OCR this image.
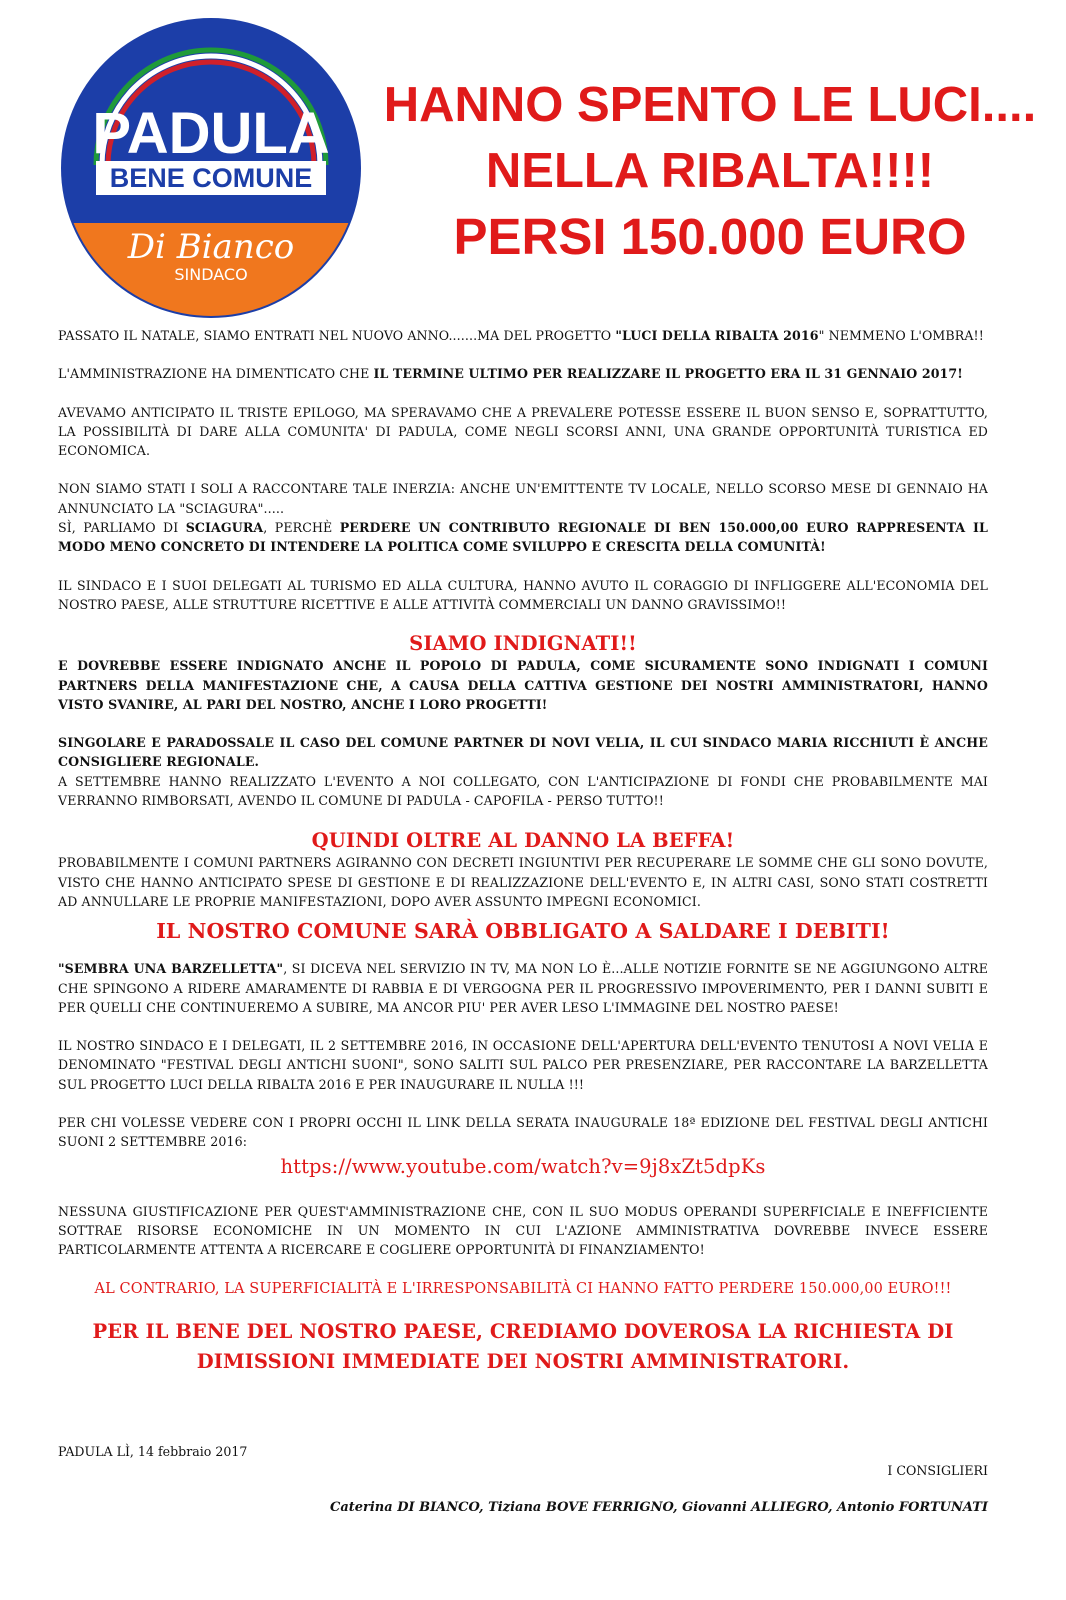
PADULA
BENE COMUNE
Di Bianco
SINDACO
HANNO SPENTO LE LUCI....
NELLA RIBALTA!!!!
PERSI 150.000 EURO

PASSATO IL NATALE, SIAMO ENTRATI NEL NUOVO ANNO.......MA DEL PROGETTO "LUCI DELLA RIBALTA 2016" NEMMENO L'OMBRA!!

L'AMMINISTRAZIONE HA DIMENTICATO CHE IL TERMINE ULTIMO PER REALIZZARE IL PROGETTO ERA IL 31 GENNAIO 2017!

AVEVAMO ANTICIPATO IL TRISTE EPILOGO, MA SPERAVAMO CHE A PREVALERE POTESSE ESSERE IL BUON SENSO E, SOPRATTUTTO, LA POSSIBILITÀ DI DARE ALLA COMUNITA' DI PADULA, COME NEGLI SCORSI ANNI, UNA GRANDE OPPORTUNITÀ TURISTICA ED ECONOMICA.

NON SIAMO STATI I SOLI A RACCONTARE TALE INERZIA: ANCHE UN'EMITTENTE TV LOCALE, NELLO SCORSO MESE DI GENNAIO HA ANNUNCIATO LA "SCIAGURA".....

SÌ, PARLIAMO DI SCIAGURA, PERCHÈ PERDERE UN CONTRIBUTO REGIONALE DI BEN 150.000,00 EURO RAPPRESENTA IL MODO MENO CONCRETO DI INTENDERE LA POLITICA COME SVILUPPO E CRESCITA DELLA COMUNITÀ!

IL SINDACO E I SUOI DELEGATI AL TURISMO ED ALLA CULTURA, HANNO AVUTO IL CORAGGIO DI INFLIGGERE ALL'ECONOMIA DEL NOSTRO PAESE, ALLE STRUTTURE RICETTIVE E ALLE ATTIVITÀ COMMERCIALI UN DANNO GRAVISSIMO!!

SIAMO INDIGNATI!!

E DOVREBBE ESSERE INDIGNATO ANCHE IL POPOLO DI PADULA, COME SICURAMENTE SONO INDIGNATI I COMUNI PARTNERS DELLA MANIFESTAZIONE CHE, A CAUSA DELLA CATTIVA GESTIONE DEI NOSTRI AMMINISTRATORI, HANNO VISTO SVANIRE, AL PARI DEL NOSTRO, ANCHE I LORO PROGETTI!

SINGOLARE E PARADOSSALE IL CASO DEL COMUNE PARTNER DI NOVI VELIA, IL CUI SINDACO MARIA RICCHIUTI È ANCHE CONSIGLIERE REGIONALE.

A SETTEMBRE HANNO REALIZZATO L'EVENTO A NOI COLLEGATO, CON L'ANTICIPAZIONE DI FONDI CHE PROBABILMENTE MAI VERRANNO RIMBORSATI, AVENDO IL COMUNE DI PADULA - CAPOFILA - PERSO TUTTO!!

QUINDI OLTRE AL DANNO LA BEFFA!

PROBABILMENTE I COMUNI PARTNERS AGIRANNO CON DECRETI INGIUNTIVI PER RECUPERARE LE SOMME CHE GLI SONO DOVUTE, VISTO CHE HANNO ANTICIPATO SPESE DI GESTIONE E DI REALIZZAZIONE DELL'EVENTO E, IN ALTRI CASI, SONO STATI COSTRETTI AD ANNULLARE LE PROPRIE MANIFESTAZIONI, DOPO AVER ASSUNTO IMPEGNI ECONOMICI.

IL NOSTRO COMUNE SARÀ OBBLIGATO A SALDARE I DEBITI!

"SEMBRA UNA BARZELLETTA", SI DICEVA NEL SERVIZIO IN TV, MA NON LO È...ALLE NOTIZIE FORNITE SE NE AGGIUNGONO ALTRE CHE SPINGONO A RIDERE AMARAMENTE DI RABBIA E DI VERGOGNA PER IL PROGRESSIVO IMPOVERIMENTO, PER I DANNI SUBITI E PER QUELLI CHE CONTINUEREMO A SUBIRE, MA ANCOR PIU' PER AVER LESO L'IMMAGINE DEL NOSTRO PAESE!

IL NOSTRO SINDACO E I DELEGATI, IL 2 SETTEMBRE 2016, IN OCCASIONE DELL'APERTURA DELL'EVENTO TENUTOSI A NOVI VELIA E DENOMINATO "FESTIVAL DEGLI ANTICHI SUONI", SONO SALITI SUL PALCO PER PRESENZIARE, PER RACCONTARE LA BARZELLETTA SUL PROGETTO LUCI DELLA RIBALTA 2016 E PER INAUGURARE IL NULLA !!!

PER CHI VOLESSE VEDERE CON I PROPRI OCCHI IL LINK DELLA SERATA INAUGURALE 18ª EDIZIONE DEL FESTIVAL DEGLI ANTICHI SUONI 2 SETTEMBRE 2016:

https://www.youtube.com/watch?v=9j8xZt5dpKs

NESSUNA GIUSTIFICAZIONE PER QUEST'AMMINISTRAZIONE CHE, CON IL SUO MODUS OPERANDI SUPERFICIALE E INEFFICIENTE SOTTRAE RISORSE ECONOMICHE IN UN MOMENTO IN CUI L'AZIONE AMMINISTRATIVA DOVREBBE INVECE ESSERE PARTICOLARMENTE ATTENTA A RICERCARE E COGLIERE OPPORTUNITÀ DI FINANZIAMENTO!

AL CONTRARIO, LA SUPERFICIALITÀ E L'IRRESPONSABILITÀ CI HANNO FATTO PERDERE 150.000,00 EURO!!!
PER IL BENE DEL NOSTRO PAESE, CREDIAMO DOVEROSA LA RICHIESTA DI
DIMISSIONI IMMEDIATE DEI NOSTRI AMMINISTRATORI.
PADULA LÌ, 14 febbraio 2017
I CONSIGLIERI
Caterina DI BIANCO, Tiziana BOVE FERRIGNO, Giovanni ALLIEGRO, Antonio FORTUNATI
